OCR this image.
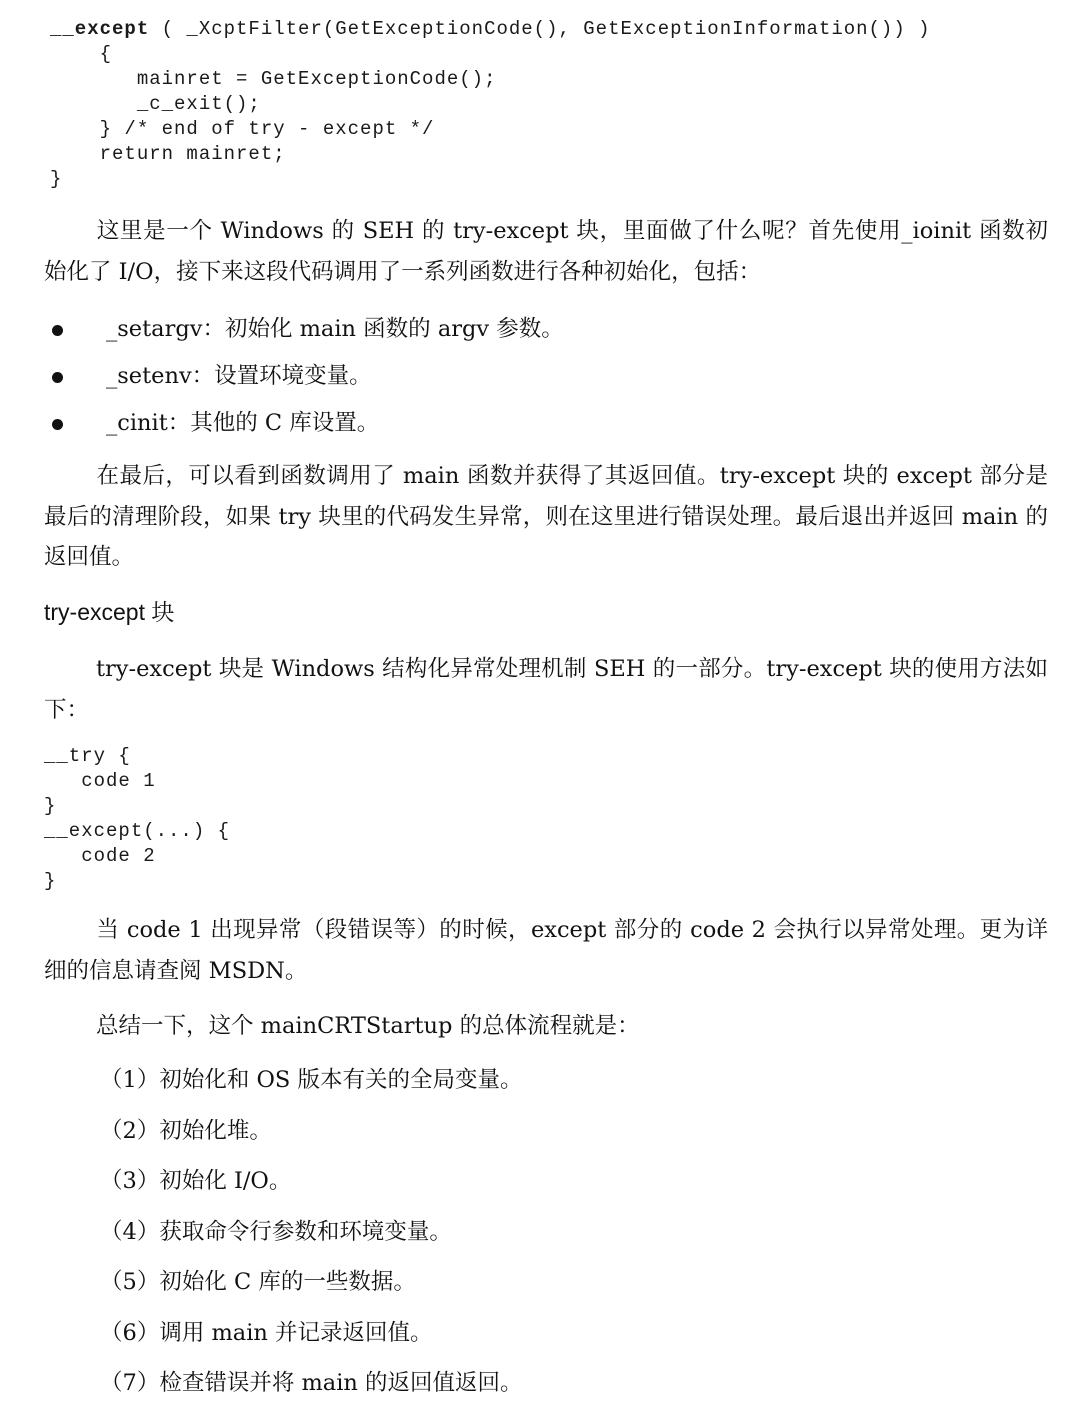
__except ( _XcptFilter(GetExceptionCode(), GetExceptionInformation()) )
{
mainret = GetExceptionCode();
_c_exit();
} /* end of try - except */
return mainret;
}

这里是一个 Windows 的 SEH 的 try-except 块，里面做了什么呢？首先使用_ioinit 函数初始化了 I/O，接下来这段代码调用了一系列函数进行各种初始化，包括：

_setargv：初始化 main 函数的 argv 参数。
_setenv：设置环境变量。
_cinit：其他的 C 库设置。

在最后，可以看到函数调用了 main 函数并获得了其返回值。try-except 块的 except 部分是最后的清理阶段，如果 try 块里的代码发生异常，则在这里进行错误处理。最后退出并返回 main 的返回值。

try-except 块

try-except 块是 Windows 结构化异常处理机制 SEH 的一部分。try-except 块的使用方法如下：

__try {
code 1
}
__except(...) {
code 2
}

当 code 1 出现异常（段错误等）的时候，except 部分的 code 2 会执行以异常处理。更为详细的信息请查阅 MSDN。

总结一下，这个 mainCRTStartup 的总体流程就是：

（1）初始化和 OS 版本有关的全局变量。
（2）初始化堆。
（3）初始化 I/O。
（4）获取命令行参数和环境变量。
（5）初始化 C 库的一些数据。
（6）调用 main 并记录返回值。
（7）检查错误并将 main 的返回值返回。
